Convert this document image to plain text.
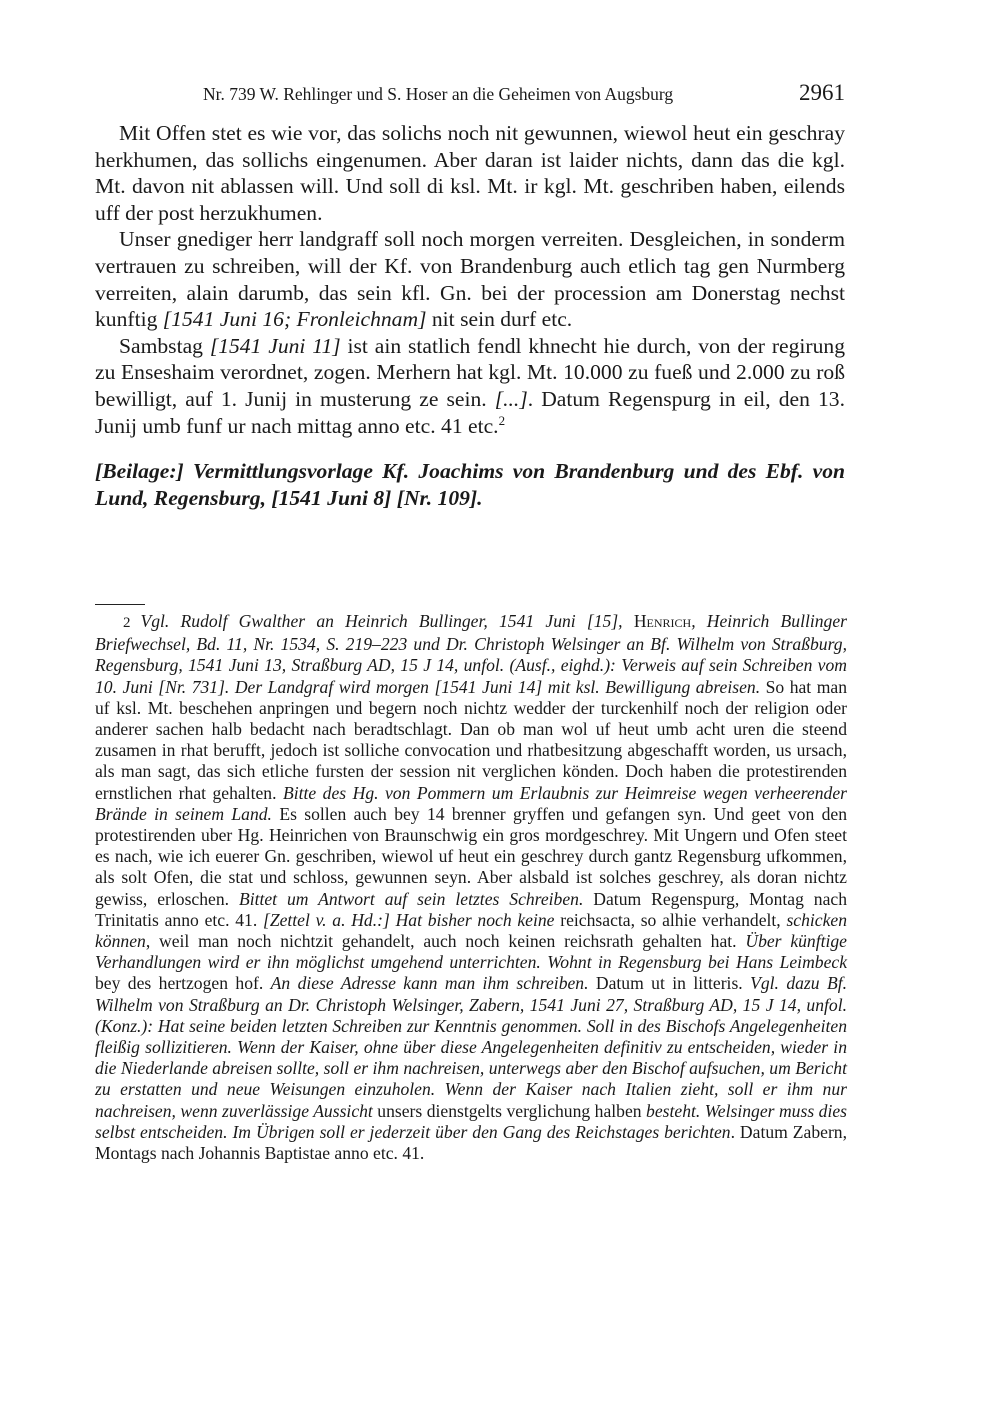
Nr. 739 W. Rehlinger und S. Hoser an die Geheimen von Augsburg	2961

Mit Offen stet es wie vor, das solichs noch nit gewunnen, wiewol heut ein geschray herkhumen, das sollichs eingenumen. Aber daran ist laider nichts, dann das die kgl. Mt. davon nit ablassen will. Und soll di ksl. Mt. ir kgl. Mt. geschriben haben, eilends uff der post herzukhumen.

Unser gnediger herr landgraff soll noch morgen verreiten. Desgleichen, in sonderm vertrauen zu schreiben, will der Kf. von Brandenburg auch etlich tag gen Nurmberg verreiten, alain darumb, das sein kfl. Gn. bei der procession am Donerstag nechst kunftig [1541 Juni 16; Fronleichnam] nit sein durf etc.

Sambstag [1541 Juni 11] ist ain statlich fendl khnecht hie durch, von der regirung zu Enseshaim verordnet, zogen. Merhern hat kgl. Mt. 10.000 zu fueß und 2.000 zu roß bewilligt, auf 1. Junij in musterung ze sein. [...]. Datum Regenspurg in eil, den 13. Junij umb funf ur nach mittag anno etc. 41 etc.$^2$

[Beilage:] Vermittlungsvorlage Kf. Joachims von Brandenburg und des Ebf. von Lund, Regensburg, [1541 Juni 8] [Nr. 109].
2 Vgl. Rudolf Gwalther an Heinrich Bullinger, 1541 Juni [15], Henrich, Heinrich Bullinger Briefwechsel, Bd. 11, Nr. 1534, S. 219–223 und Dr. Christoph Welsinger an Bf. Wilhelm von Straßburg, Regensburg, 1541 Juni 13, Straßburg AD, 15 J 14, unfol. (Ausf., eighd.): Verweis auf sein Schreiben vom 10. Juni [Nr. 731]. Der Landgraf wird morgen [1541 Juni 14] mit ksl. Bewilligung abreisen. So hat man uf ksl. Mt. beschehen anpringen und begern noch nichtz wedder der turckenhilf noch der religion oder anderer sachen halb bedacht nach beradtschlagt. Dan ob man wol uf heut umb acht uren die steend zusamen in rhat berufft, jedoch ist solliche convocation und rhatbesitzung abgeschafft worden, us ursach, als man sagt, das sich etliche fursten der session nit verglichen könden. Doch haben die protestirenden ernstlichen rhat gehalten. Bitte des Hg. von Pommern um Erlaubnis zur Heimreise wegen verheerender Brände in seinem Land. Es sollen auch bey 14 brenner gryffen und gefangen syn. Und geet von den protestirenden uber Hg. Heinrichen von Braunschwig ein gros mordgeschrey. Mit Ungern und Ofen steet es nach, wie ich euerer Gn. geschriben, wiewol uf heut ein geschrey durch gantz Regensburg ufkommen, als solt Ofen, die stat und schloss, gewunnen seyn. Aber alsbald ist solches geschrey, als doran nichtz gewiss, erloschen. Bittet um Antwort auf sein letztes Schreiben. Datum Regenspurg, Montag nach Trinitatis anno etc. 41. [Zettel v. a. Hd.:] Hat bisher noch keine reichsacta, so alhie verhandelt, schicken können, weil man noch nichtzit gehandelt, auch noch keinen reichsrath gehalten hat. Über künftige Verhandlungen wird er ihn möglichst umgehend unterrichten. Wohnt in Regensburg bei Hans Leimbeck bey des hertzogen hof. An diese Adresse kann man ihm schreiben. Datum ut in litteris. Vgl. dazu Bf. Wilhelm von Straßburg an Dr. Christoph Welsinger, Zabern, 1541 Juni 27, Straßburg AD, 15 J 14, unfol. (Konz.): Hat seine beiden letzten Schreiben zur Kenntnis genommen. Soll in des Bischofs Angelegenheiten fleißig sollizitieren. Wenn der Kaiser, ohne über diese Angelegenheiten definitiv zu entscheiden, wieder in die Niederlande abreisen sollte, soll er ihm nachreisen, unterwegs aber den Bischof aufsuchen, um Bericht zu erstatten und neue Weisungen einzuholen. Wenn der Kaiser nach Italien zieht, soll er ihm nur nachreisen, wenn zuverlässige Aussicht unsers dienstgelts verglichung halben besteht. Welsinger muss dies selbst entscheiden. Im Übrigen soll er jederzeit über den Gang des Reichstages berichten. Datum Zabern, Montags nach Johannis Baptistae anno etc. 41.
